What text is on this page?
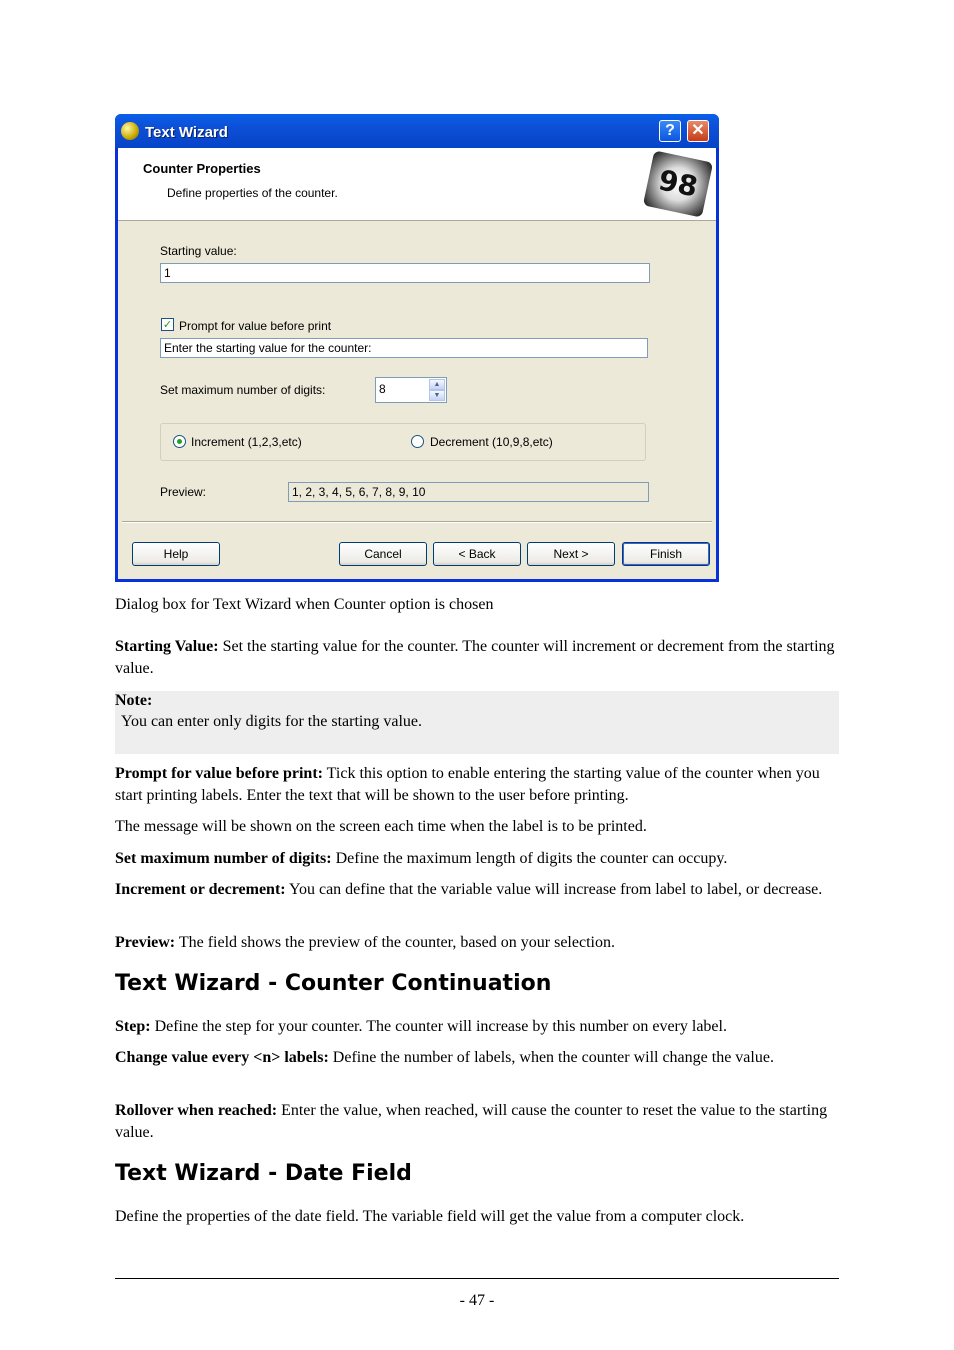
Text Wizard	?	✕
Counter Properties
Define properties of the counter.	98
Starting value:
1
✓ Prompt for value before print
Enter the starting value for the counter:
Set maximum number of digits:	8	▲
▼
Increment (1,2,3,etc)	Decrement (10,9,8,etc)
Preview:	1, 2, 3, 4, 5, 6, 7, 8, 9, 10
Help	Cancel	< Back	Next >	Finish
Dialog box for Text Wizard when Counter option is chosen
Starting Value: Set the starting value for the counter. The counter will increment or decrement from the starting value.
Note:
You can enter only digits for the starting value.
Prompt for value before print: Tick this option to enable entering the starting value of the counter when you start printing labels. Enter the text that will be shown to the user before printing.
The message will be shown on the screen each time when the label is to be printed.
Set maximum number of digits: Define the maximum length of digits the counter can occupy.
Increment or decrement: You can define that the variable value will increase from label to label, or decrease.
Preview: The field shows the preview of the counter, based on your selection.
Text Wizard - Counter Continuation
Step: Define the step for your counter. The counter will increase by this number on every label.
Change value every <n> labels: Define the number of labels, when the counter will change the value.
Rollover when reached: Enter the value, when reached, will cause the counter to reset the value to the starting value.
Text Wizard - Date Field
Define the properties of the date field. The variable field will get the value from a computer clock.
- 47 -
